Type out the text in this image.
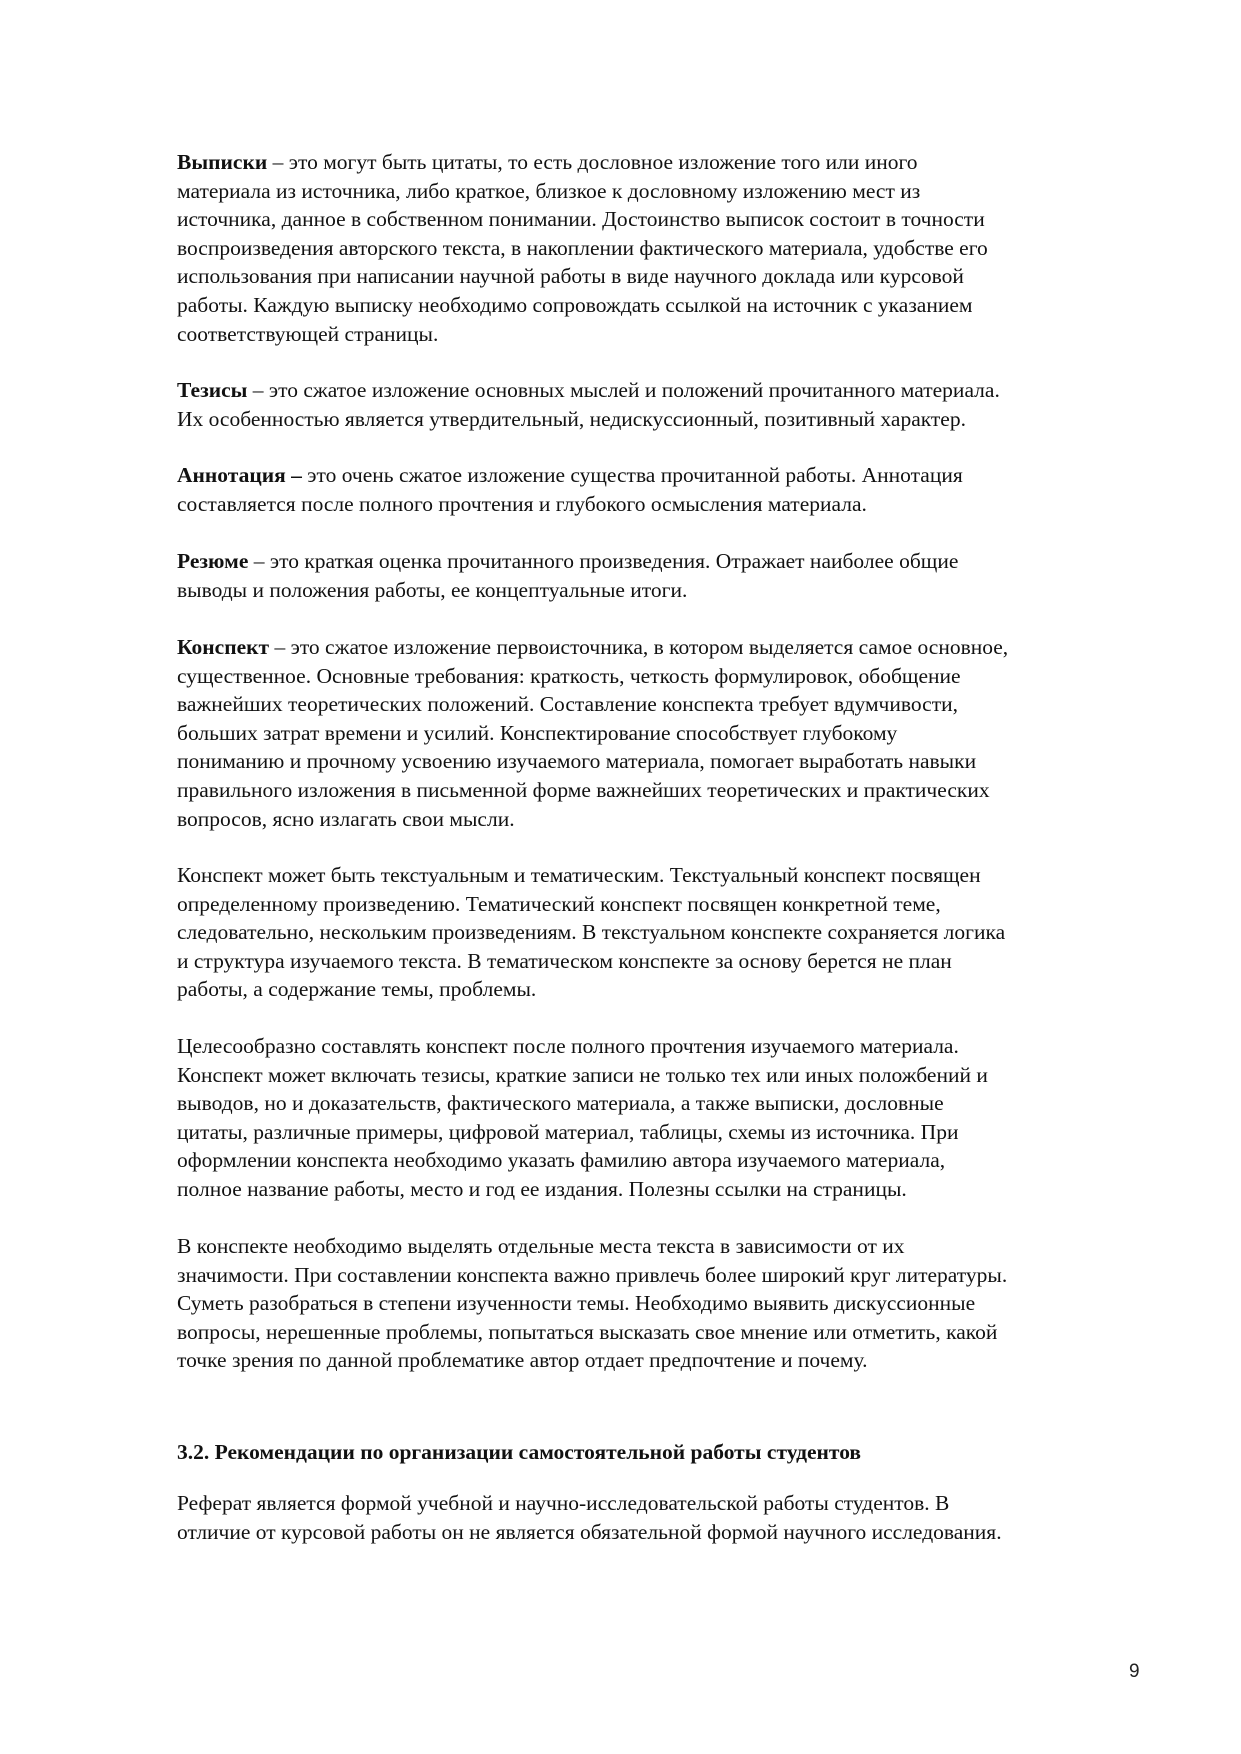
Выписки – это могут быть цитаты, то есть дословное изложение того или иного
материала из источника, либо краткое, близкое к дословному изложению мест из
источника, данное в собственном понимании. Достоинство выписок состоит в точности
воспроизведения авторского текста, в накоплении фактического материала, удобстве его
использования при написании научной работы в виде научного доклада или курсовой
работы. Каждую выписку необходимо сопровождать ссылкой на источник с указанием
соответствующей страницы.

Тезисы – это сжатое изложение основных мыслей и положений прочитанного материала.
Их особенностью является утвердительный, недискуссионный, позитивный характер.

Аннотация – это очень сжатое изложение существа прочитанной работы. Аннотация
составляется после полного прочтения и глубокого осмысления материала.

Резюме – это краткая оценка прочитанного произведения. Отражает наиболее общие
выводы и положения работы, ее концептуальные итоги.

Конспект – это сжатое изложение первоисточника, в котором выделяется самое основное,
существенное. Основные требования: краткость, четкость формулировок, обобщение
важнейших теоретических положений. Составление конспекта требует вдумчивости,
больших затрат времени и усилий. Конспектирование способствует глубокому
пониманию и прочному усвоению изучаемого материала, помогает выработать навыки
правильного изложения в письменной форме важнейших теоретических и практических
вопросов, ясно излагать свои мысли.

Конспект может быть текстуальным и тематическим. Текстуальный конспект посвящен
определенному произведению. Тематический конспект посвящен конкретной теме,
следовательно, нескольким произведениям. В текстуальном конспекте сохраняется логика
и структура изучаемого текста. В тематическом конспекте за основу берется не план
работы, а содержание темы, проблемы.

Целесообразно составлять конспект после полного прочтения изучаемого материала.
Конспект может включать тезисы, краткие записи не только тех или иных положбений и
выводов, но и доказательств, фактического материала, а также выписки, дословные
цитаты, различные примеры, цифровой материал, таблицы, схемы из источника. При
оформлении конспекта необходимо указать фамилию автора изучаемого материала,
полное название работы, место и год ее издания. Полезны ссылки на страницы.

В конспекте необходимо выделять отдельные места текста в зависимости от их
значимости. При составлении конспекта важно привлечь более широкий круг литературы.
Суметь разобраться в степени изученности темы. Необходимо выявить дискуссионные
вопросы, нерешенные проблемы, попытаться высказать свое мнение или отметить, какой
точке зрения по данной проблематике автор отдает предпочтение и почему.

3.2. Рекомендации по организации самостоятельной работы студентов

Реферат является формой учебной и научно-исследовательской работы студентов. В
отличие от курсовой работы он не является обязательной формой научного исследования.

9
